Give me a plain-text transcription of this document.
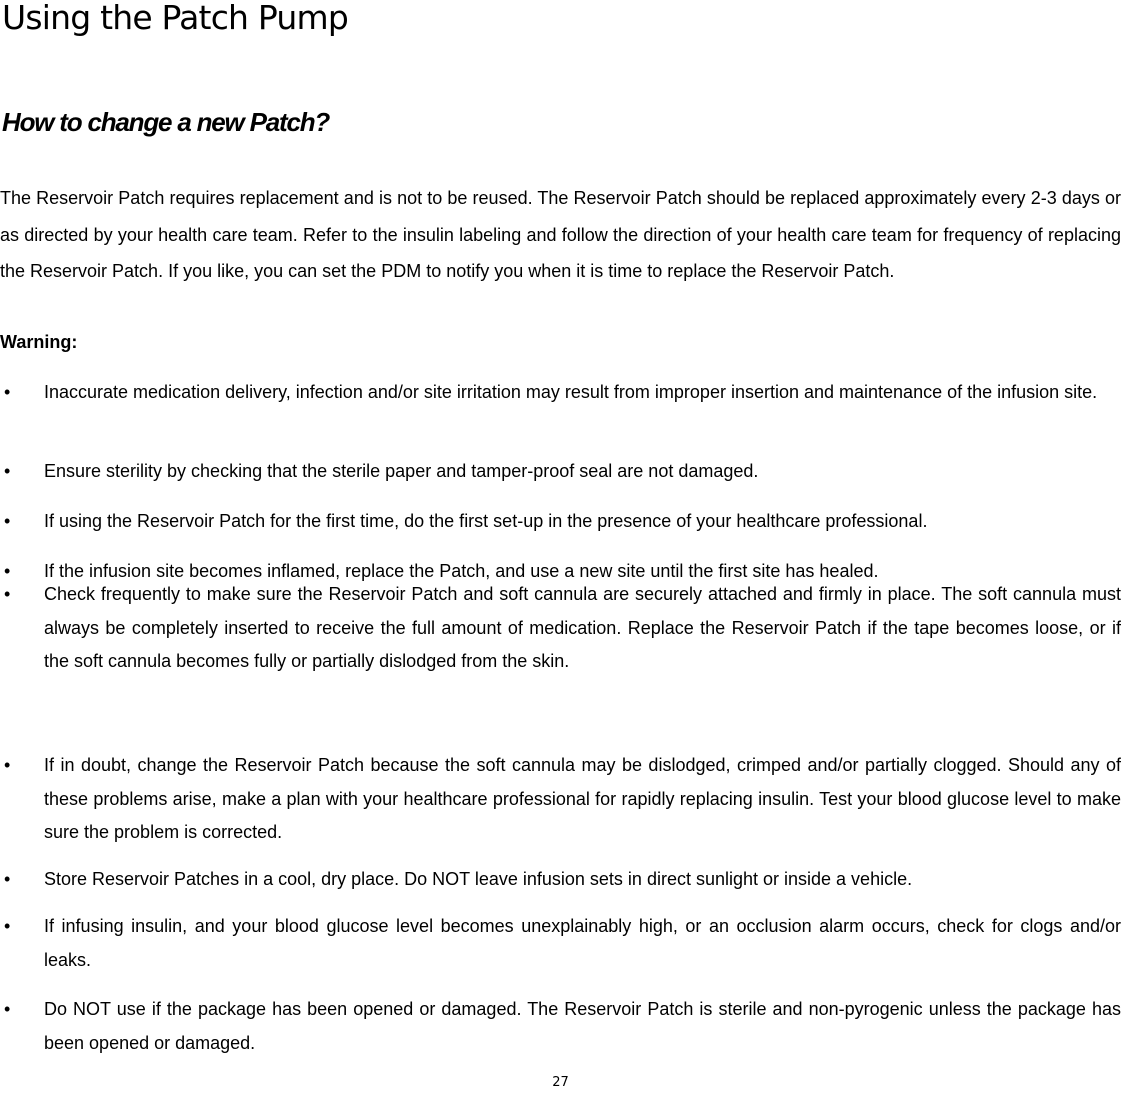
Using the Patch Pump
How to change a new Patch?

The Reservoir Patch requires replacement and is not to be reused. The Reservoir Patch should be replaced approximately every 2-3 days or as directed by your health care team. Refer to the insulin labeling and follow the direction of your health care team for frequency of replacing the Reservoir Patch. If you like, you can set the PDM to notify you when it is time to replace the Reservoir Patch.

Warning:

• Inaccurate medication delivery, infection and/or site irritation may result from improper insertion and maintenance of the infusion site.
• Ensure sterility by checking that the sterile paper and tamper-proof seal are not damaged.
• If using the Reservoir Patch for the first time, do the first set-up in the presence of your healthcare professional.
• If the infusion site becomes inflamed, replace the Patch, and use a new site until the first site has healed.
• Check frequently to make sure the Reservoir Patch and soft cannula are securely attached and firmly in place. The soft cannula must always be completely inserted to receive the full amount of medication. Replace the Reservoir Patch if the tape becomes loose, or if the soft cannula becomes fully or partially dislodged from the skin.
• If in doubt, change the Reservoir Patch because the soft cannula may be dislodged, crimped and/or partially clogged. Should any of these problems arise, make a plan with your healthcare professional for rapidly replacing insulin. Test your blood glucose level to make sure the problem is corrected.
• Store Reservoir Patches in a cool, dry place. Do NOT leave infusion sets in direct sunlight or inside a vehicle.
• If infusing insulin, and your blood glucose level becomes unexplainably high, or an occlusion alarm occurs, check for clogs and/or leaks.
• Do NOT use if the package has been opened or damaged. The Reservoir Patch is sterile and non-pyrogenic unless the package has been opened or damaged.
27
